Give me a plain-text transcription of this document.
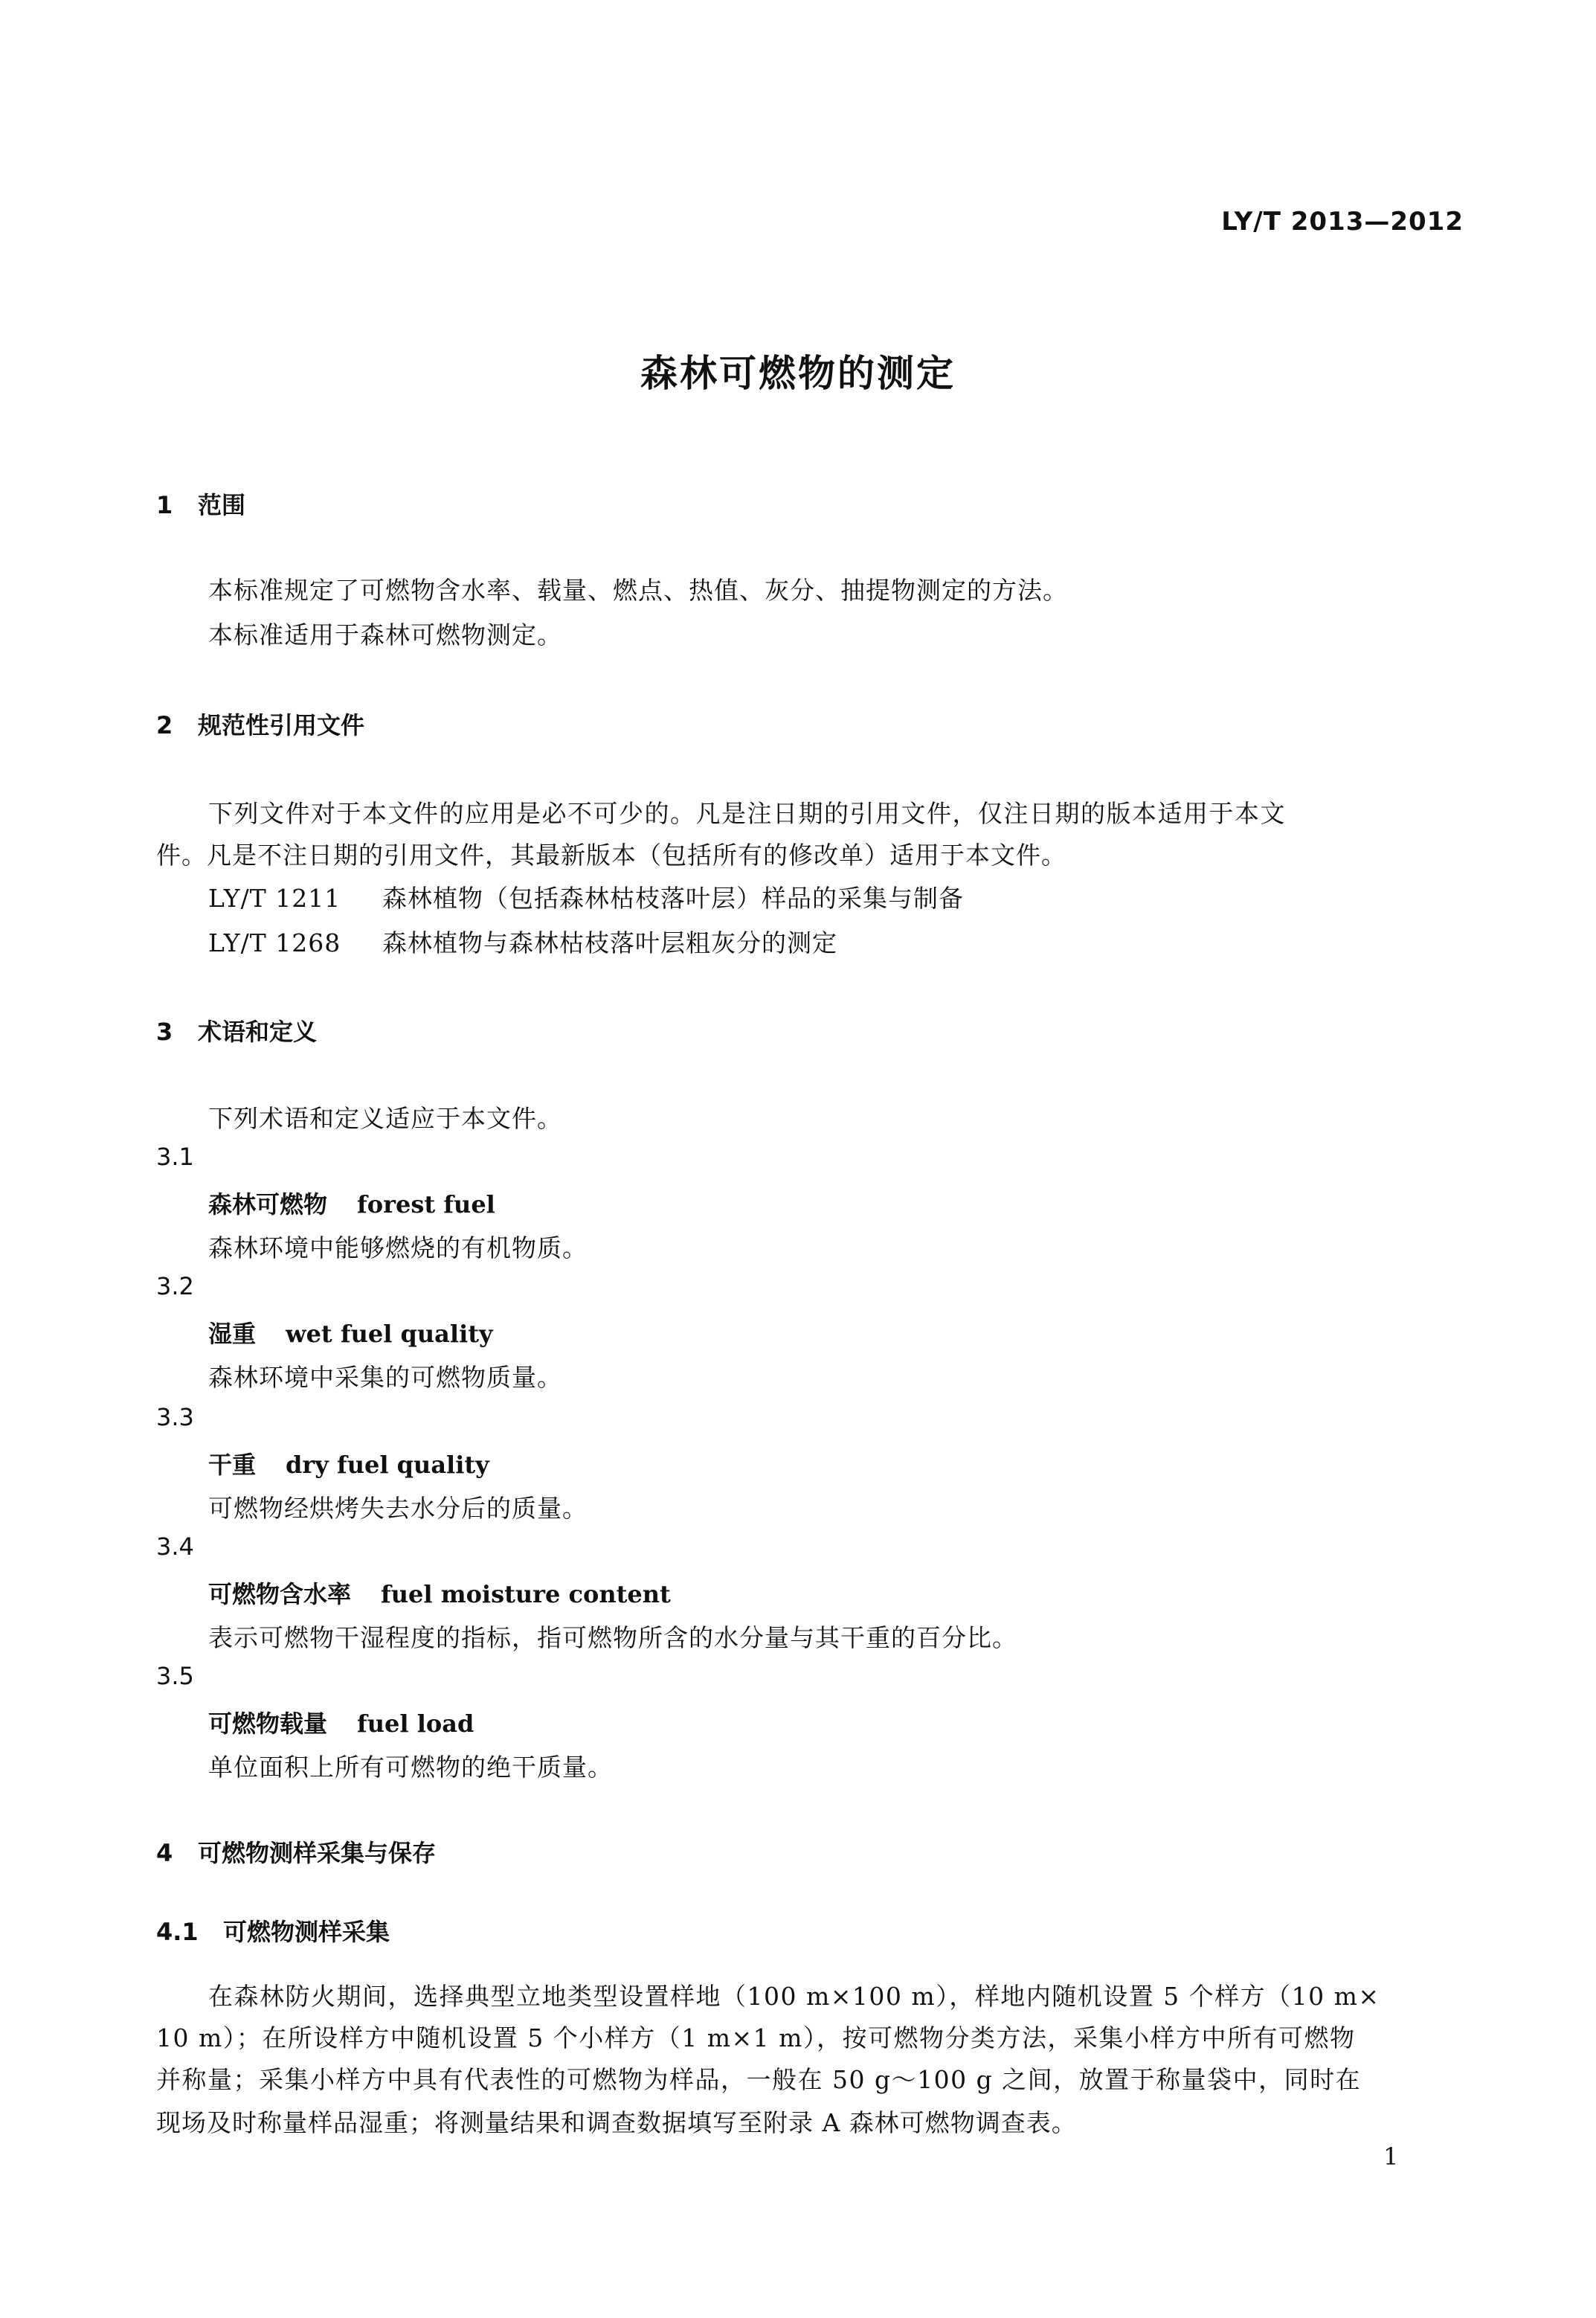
LY/T 2013—2012
森林可燃物的测定
1 范围
本标准规定了可燃物含水率、载量、燃点、热值、灰分、抽提物测定的方法。
本标准适用于森林可燃物测定。
2 规范性引用文件
下列文件对于本文件的应用是必不可少的。凡是注日期的引用文件，仅注日期的版本适用于本文
件。凡是不注日期的引用文件，其最新版本（包括所有的修改单）适用于本文件。
LY/T 1211 森林植物（包括森林枯枝落叶层）样品的采集与制备
LY/T 1268 森林植物与森林枯枝落叶层粗灰分的测定
3 术语和定义
下列术语和定义适应于本文件。
3.1
森林可燃物 forest fuel
森林环境中能够燃烧的有机物质。
3.2
湿重 wet fuel quality
森林环境中采集的可燃物质量。
3.3
干重 dry fuel quality
可燃物经烘烤失去水分后的质量。
3.4
可燃物含水率 fuel moisture content
表示可燃物干湿程度的指标，指可燃物所含的水分量与其干重的百分比。
3.5
可燃物载量 fuel load
单位面积上所有可燃物的绝干质量。
4 可燃物测样采集与保存
4.1 可燃物测样采集
在森林防火期间，选择典型立地类型设置样地（100 m×100 m），样地内随机设置 5 个样方（10 m×
10 m）；在所设样方中随机设置 5 个小样方（1 m×1 m），按可燃物分类方法，采集小样方中所有可燃物
并称量；采集小样方中具有代表性的可燃物为样品，一般在 50 g～100 g 之间，放置于称量袋中，同时在
现场及时称量样品湿重；将测量结果和调查数据填写至附录 A 森林可燃物调查表。
1
